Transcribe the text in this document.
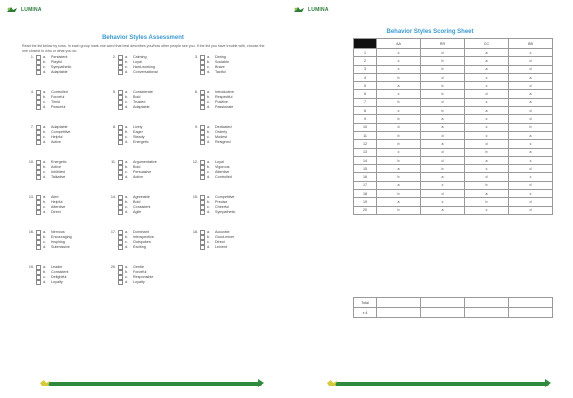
LUMINA
Behavior Styles Assessment
Read the list below by rows. In each group mark one word that best describes you/how other people see you. If the list you have trouble with, choose the one closest to who or what you do.
1.	a.	Persistent
b.	Playful
c.	Sympathetic
d.	Adaptable
2.	a.	Calming
b.	Loyal
c.	Hard-working
d.	Conversational
3.	a.	Daring
b.	Sociable
c.	Brave
d.	Tactful
4.	a.	Controlled
b.	Forceful
c.	Timid
d.	Peaceful
5.	a.	Considerate
b.	Bold
c.	Trusted
d.	Adaptable
6.	a.	Introductive
b.	Respectful
c.	Positive
d.	Passionate
7.	a.	Adaptable
b.	Competitive
c.	Helpful
d.	Active
8.	a.	Lively
b.	Eager
c.	Steady
d.	Energetic
9.	a.	Dedicated
b.	Orderly
c.	Modest
d.	Resigned
10.	a.	Energetic
b.	Active
c.	Inhibited
d.	Talkative
11.	a.	Argumentative
b.	Bold
c.	Persuasive
d.	Active
12.	a.	Loyal
b.	Vigorous
c.	Attentive
d.	Controlled
13.	a.	Alert
b.	Helpful
c.	Attentive
d.	Direct
14.	a.	Agreeable
b.	Bold
c.	Consistent
d.	Agile
15.	a.	Competitive
b.	Precise
c.	Cheerful
d.	Sympathetic
16.	a.	Nervous
b.	Encouraging
c.	Inspiring
d.	Submissive
17.	a.	Dominant
b.	Introspective
c.	Outspoken
d.	Exciting
18.	a.	Accurate
b.	Good-mixer
c.	Direct
d.	Lenient
19.	a.	Leader
b.	Consistent
c.	Delightful
d.	Loyalty
20.	a.	Gentle
b.	Forceful
c.	Responsible
d.	Loyalty
LUMINA
Behavior Styles Scoring Sheet
	AA	RR	CC	BB
1	c	d	a	c
2	c	b	a	d
3	c	b	a	d
4	b	d	c	a
5	a	b	c	d
6	c	b	d	a
7	b	d	c	a
8	c	b	a	d
9	b	a	c	d
10	d	a	c	b
11	b	d	c	a
12	b	a	d	c
13	c	d	b	a
14	b	d	a	c
15	a	b	c	d
16	b	a	d	c
17	a	c	b	d
18	b	d	a	c
19	a	c	b	d
20	b	a	c	d
Total				
x 4				
